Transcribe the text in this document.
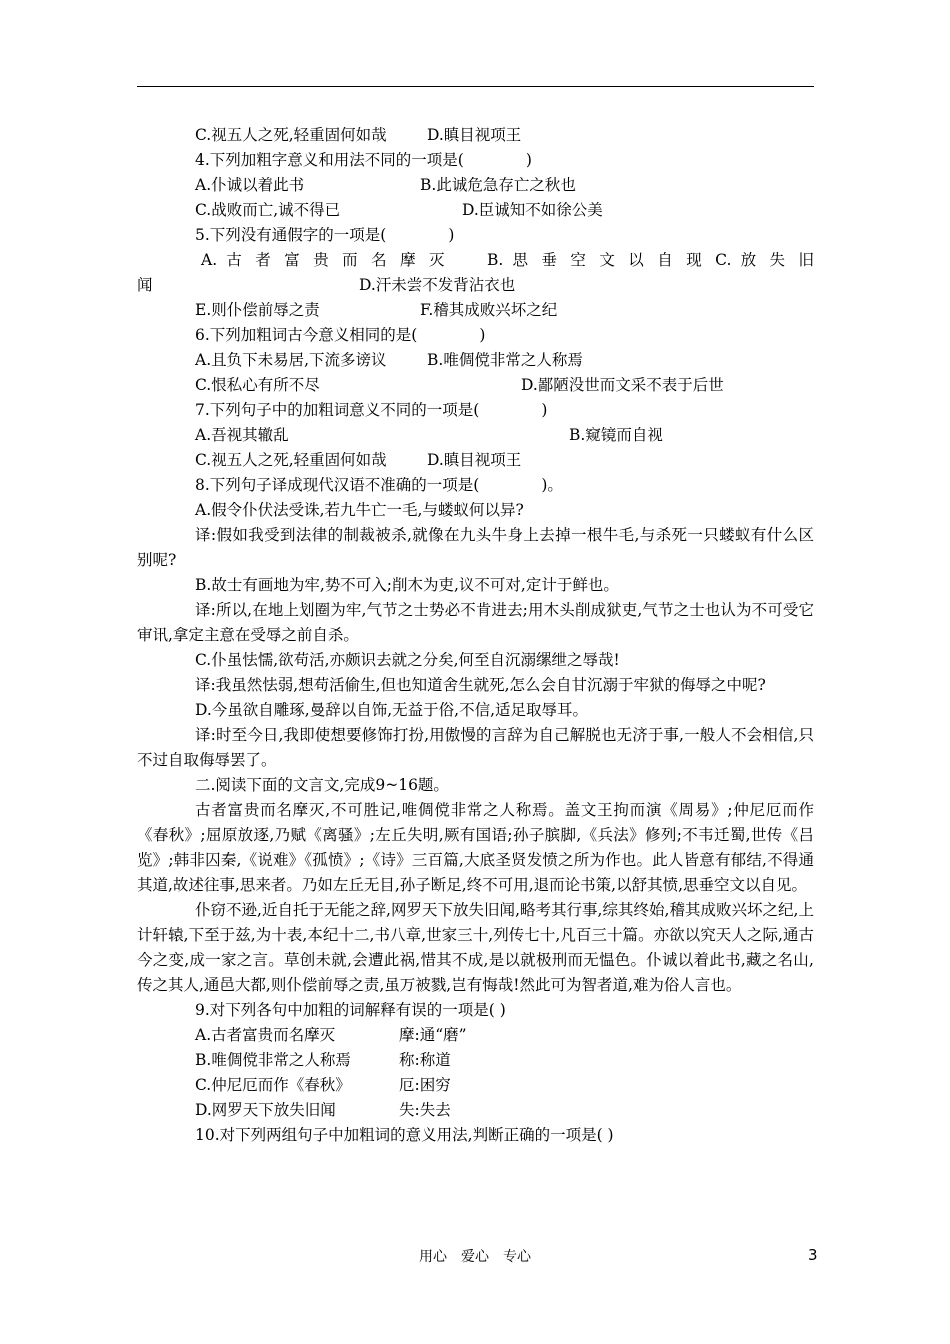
C.视五人之死,轻重固何如哉	D.瞋目视项王
4.下列加粗字意义和用法不同的一项是(　　　　)
A.仆诚以着此书	B.此诚危急存亡之秋也
C.战败而亡,诚不得已	D.臣诚知不如徐公美
5.下列没有通假字的一项是(　　　　)
A. 古 者 富 贵 而 名 摩 灭 　 B. 思 垂 空 文 以 自 现 C. 放 失 旧
闻	D.汗未尝不发背沾衣也
E.则仆偿前辱之责	F.稽其成败兴坏之纪
6.下列加粗词古今意义相同的是(　　　　)
A.且负下未易居,下流多谤议	B.唯倜傥非常之人称焉
C.恨私心有所不尽	D.鄙陋没世而文采不表于后世
7.下列句子中的加粗词意义不同的一项是(　　　　)
A.吾视其辙乱	B.窥镜而自视
C.视五人之死,轻重固何如哉	D.瞋目视项王
8.下列句子译成现代汉语不准确的一项是(　　　　)。
A.假令仆伏法受诛,若九牛亡一毛,与蝼蚁何以异?

译:假如我受到法律的制裁被杀,就像在九头牛身上去掉一根牛毛,与杀死一只蝼蚁有什么区别呢?

B.故士有画地为牢,势不可入;削木为吏,议不可对,定计于鲜也。

译:所以,在地上划圈为牢,气节之士势必不肯进去;用木头削成狱吏,气节之士也认为不可受它审讯,拿定主意在受辱之前自杀。

C.仆虽怯懦,欲苟活,亦颇识去就之分矣,何至自沉溺缧绁之辱哉!

译:我虽然怯弱,想苟活偷生,但也知道舍生就死,怎么会自甘沉溺于牢狱的侮辱之中呢?

D.今虽欲自雕琢,曼辞以自饰,无益于俗,不信,适足取辱耳。

译:时至今日,我即使想要修饰打扮,用傲慢的言辞为自己解脱也无济于事,一般人不会相信,只不过自取侮辱罢了。

二.阅读下面的文言文,完成9~16题。

古者富贵而名摩灭,不可胜记,唯倜傥非常之人称焉。盖文王拘而演《周易》;仲尼厄而作《春秋》;屈原放逐,乃赋《离骚》;左丘失明,厥有国语;孙子膑脚,《兵法》修列;不韦迁蜀,世传《吕览》;韩非囚秦,《说难》《孤愤》;《诗》三百篇,大底圣贤发愤之所为作也。此人皆意有郁结,不得通其道,故述往事,思来者。乃如左丘无目,孙子断足,终不可用,退而论书策,以舒其愤,思垂空文以自见。

仆窃不逊,近自托于无能之辞,网罗天下放失旧闻,略考其行事,综其终始,稽其成败兴坏之纪,上计轩辕,下至于兹,为十表,本纪十二,书八章,世家三十,列传七十,凡百三十篇。亦欲以究天人之际,通古今之变,成一家之言。草创未就,会遭此祸,惜其不成,是以就极刑而无愠色。仆诚以着此书,藏之名山,传之其人,通邑大都,则仆偿前辱之责,虽万被戮,岂有悔哉!然此可为智者道,难为俗人言也。

9.对下列各句中加粗的词解释有误的一项是( )
A.古者富贵而名摩灭	摩:通“磨”
B.唯倜傥非常之人称焉	称:称道
C.仲尼厄而作《春秋》	厄:困穷
D.网罗天下放失旧闻	失:失去
10.对下列两组句子中加粗词的意义用法,判断正确的一项是( )
用心　爱心　专心	3
